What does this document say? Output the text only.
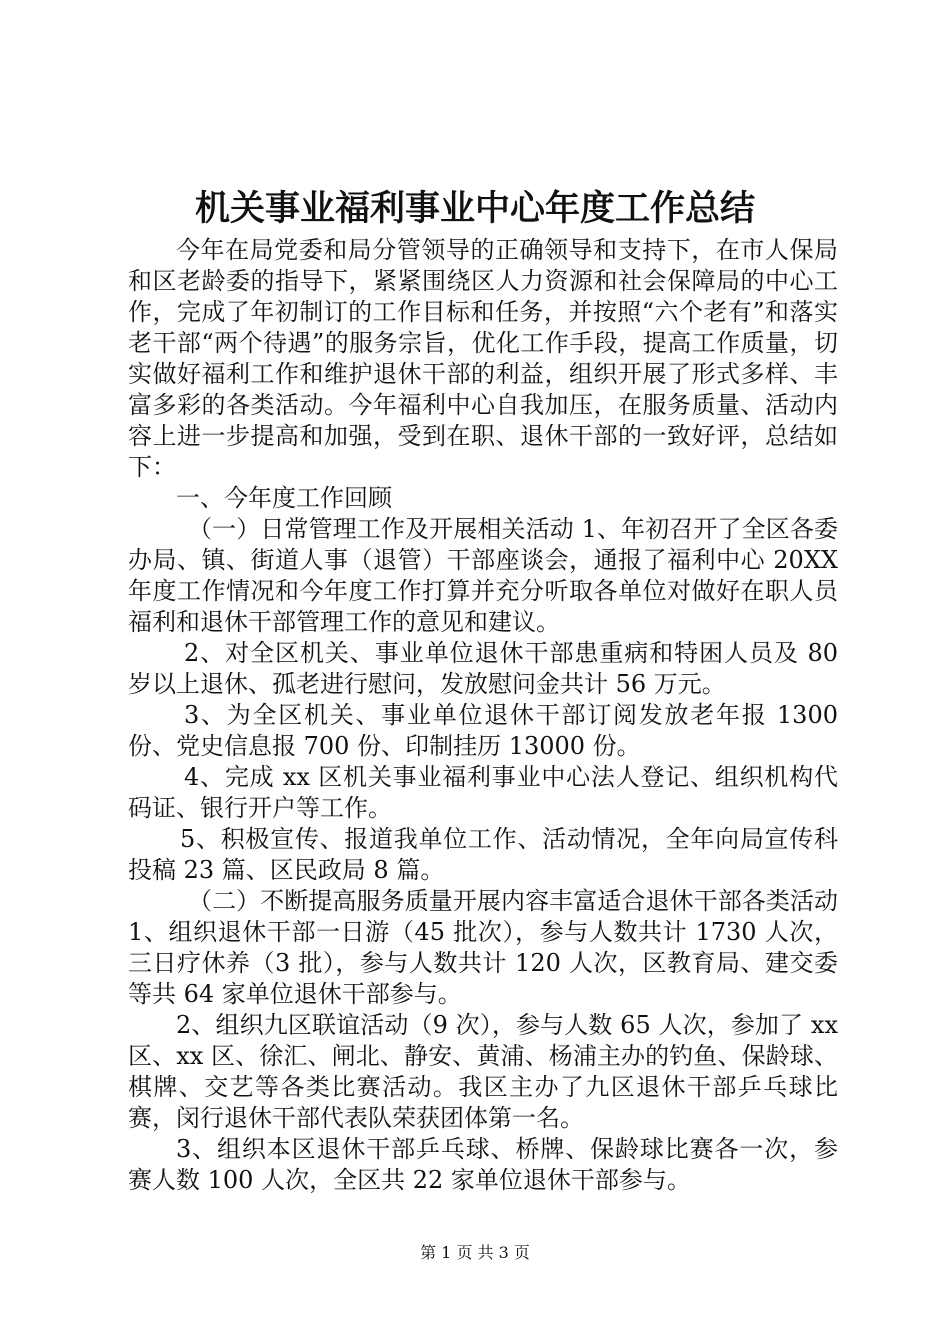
机关事业福利事业中心年度工作总结

今年在局党委和局分管领导的正确领导和支持下，在市人保局和区老龄委的指导下，紧紧围绕区人力资源和社会保障局的中心工作，完成了年初制订的工作目标和任务，并按照“六个老有”和落实老干部“两个待遇”的服务宗旨，优化工作手段，提高工作质量，切实做好福利工作和维护退休干部的利益，组织开展了形式多样、丰富多彩的各类活动。今年福利中心自我加压，在服务质量、活动内容上进一步提高和加强，受到在职、退休干部的一致好评，总结如下：

一、今年度工作回顾

（一）日常管理工作及开展相关活动 1、年初召开了全区各委办局、镇、街道人事（退管）干部座谈会，通报了福利中心 20XX 年度工作情况和今年度工作打算并充分听取各单位对做好在职人员福利和退休干部管理工作的意见和建议。

2、对全区机关、事业单位退休干部患重病和特困人员及 80 岁以上退休、孤老进行慰问，发放慰问金共计 56 万元。

3、为全区机关、事业单位退休干部订阅发放老年报 1300 份、党史信息报 700 份、印制挂历 13000 份。

4、完成 xx 区机关事业福利事业中心法人登记、组织机构代码证、银行开户等工作。

5、积极宣传、报道我单位工作、活动情况，全年向局宣传科投稿 23 篇、区民政局 8 篇。

（二）不断提高服务质量开展内容丰富适合退休干部各类活动 1、组织退休干部一日游（45 批次），参与人数共计 1730 人次，三日疗休养（3 批），参与人数共计 120 人次，区教育局、建交委等共 64 家单位退休干部参与。

2、组织九区联谊活动（9 次），参与人数 65 人次，参加了 xx 区、xx 区、徐汇、闸北、静安、黄浦、杨浦主办的钓鱼、保龄球、棋牌、交艺等各类比赛活动。我区主办了九区退休干部乒乓球比赛，闵行退休干部代表队荣获团体第一名。

3、组织本区退休干部乒乓球、桥牌、保龄球比赛各一次，参赛人数 100 人次，全区共 22 家单位退休干部参与。

第 1 页 共 3 页
